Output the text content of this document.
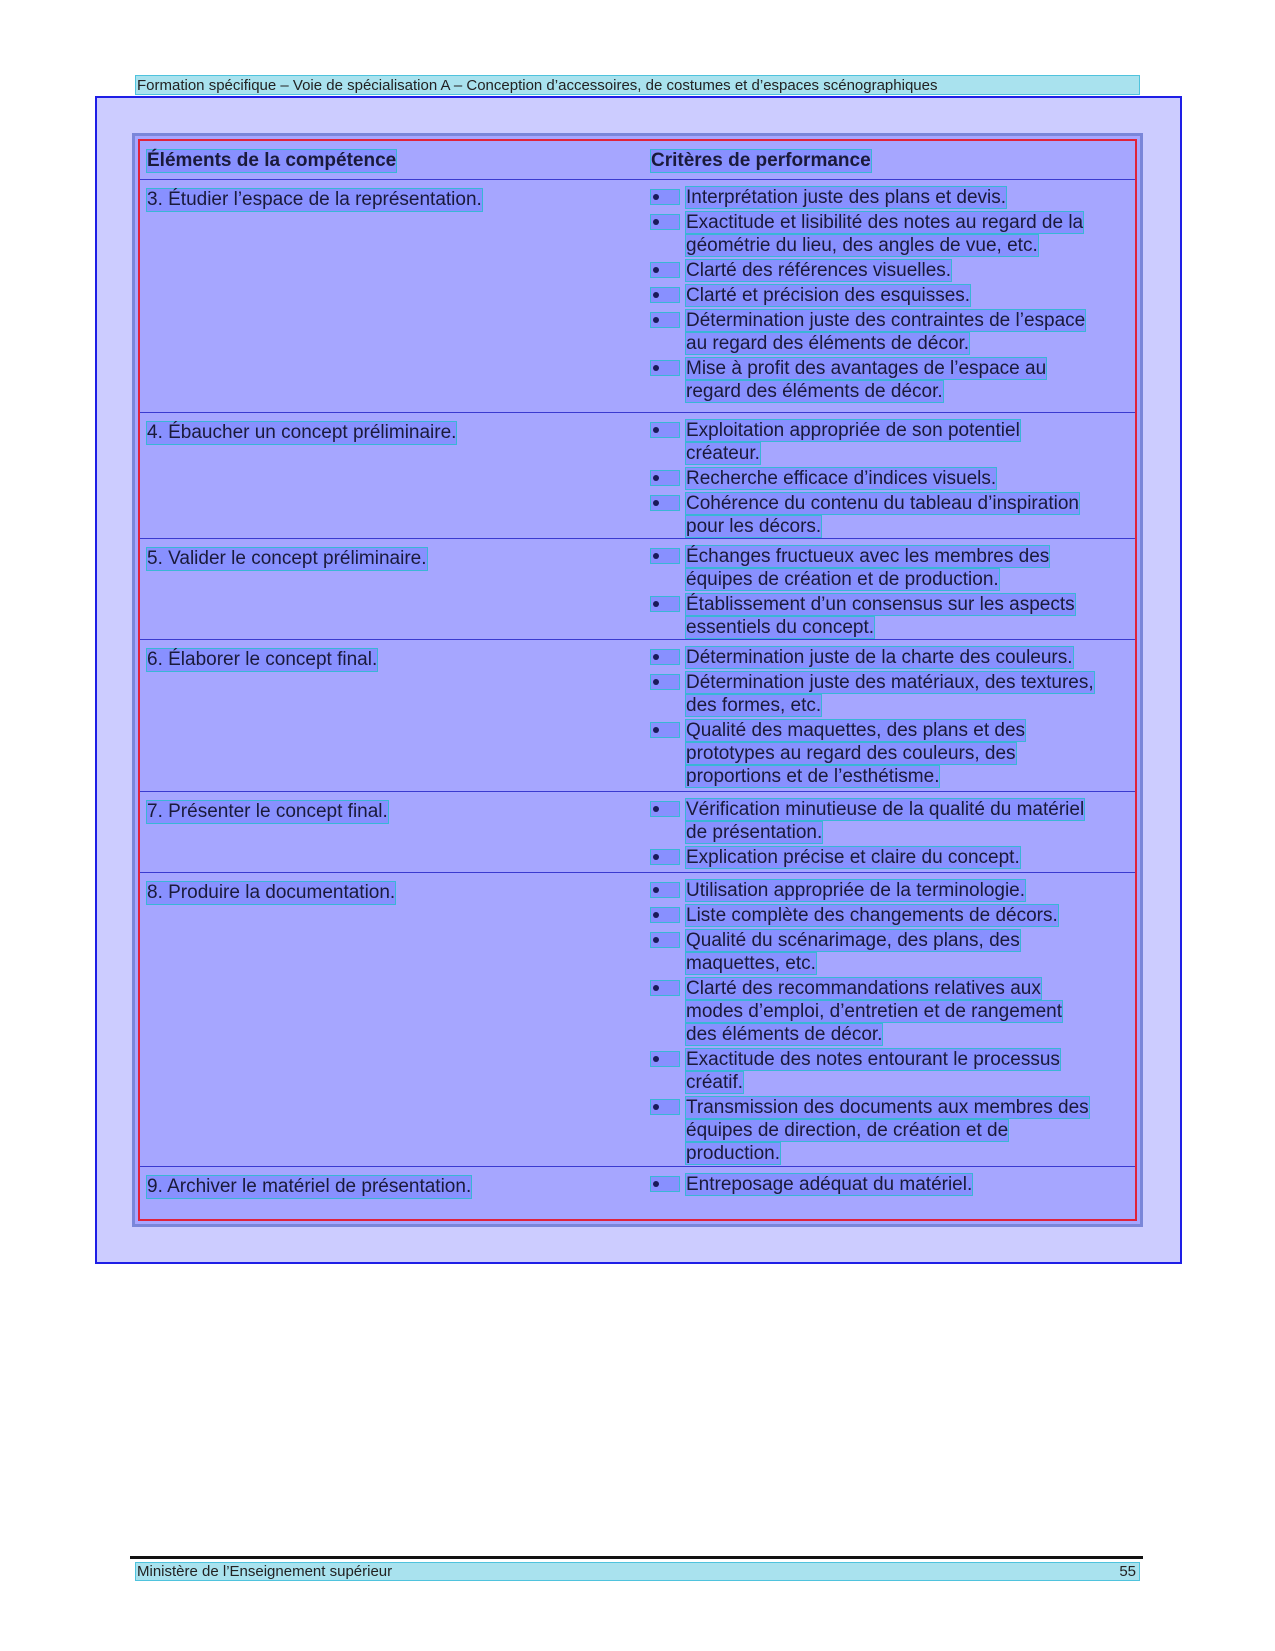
Formation spécifique – Voie de spécialisation A – Conception d’accessoires, de costumes et d’espaces scénographiques
Éléments de la compétence	Critères de performance
3. Étudier l’espace de la représentation.	Interprétation juste des plans et devis.
Exactitude et lisibilité des notes au regard de la
géométrie du lieu, des angles de vue, etc.
Clarté des références visuelles.
Clarté et précision des esquisses.
Détermination juste des contraintes de l’espace
au regard des éléments de décor.
Mise à profit des avantages de l’espace au
regard des éléments de décor.
4. Ébaucher un concept préliminaire.	Exploitation appropriée de son potentiel
créateur.
Recherche efficace d’indices visuels.
Cohérence du contenu du tableau d’inspiration
pour les décors.
5. Valider le concept préliminaire.	Échanges fructueux avec les membres des
équipes de création et de production.
Établissement d’un consensus sur les aspects
essentiels du concept.
6. Élaborer le concept final.	Détermination juste de la charte des couleurs.
Détermination juste des matériaux, des textures,
des formes, etc.
Qualité des maquettes, des plans et des
prototypes au regard des couleurs, des
proportions et de l’esthétisme.
7. Présenter le concept final.	Vérification minutieuse de la qualité du matériel
de présentation.
Explication précise et claire du concept.
8. Produire la documentation.	Utilisation appropriée de la terminologie.
Liste complète des changements de décors.
Qualité du scénarimage, des plans, des
maquettes, etc.
Clarté des recommandations relatives aux
modes d’emploi, d’entretien et de rangement
des éléments de décor.
Exactitude des notes entourant le processus
créatif.
Transmission des documents aux membres des
équipes de direction, de création et de
production.
9. Archiver le matériel de présentation.	Entreposage adéquat du matériel.
Ministère de l’Enseignement supérieur	55
